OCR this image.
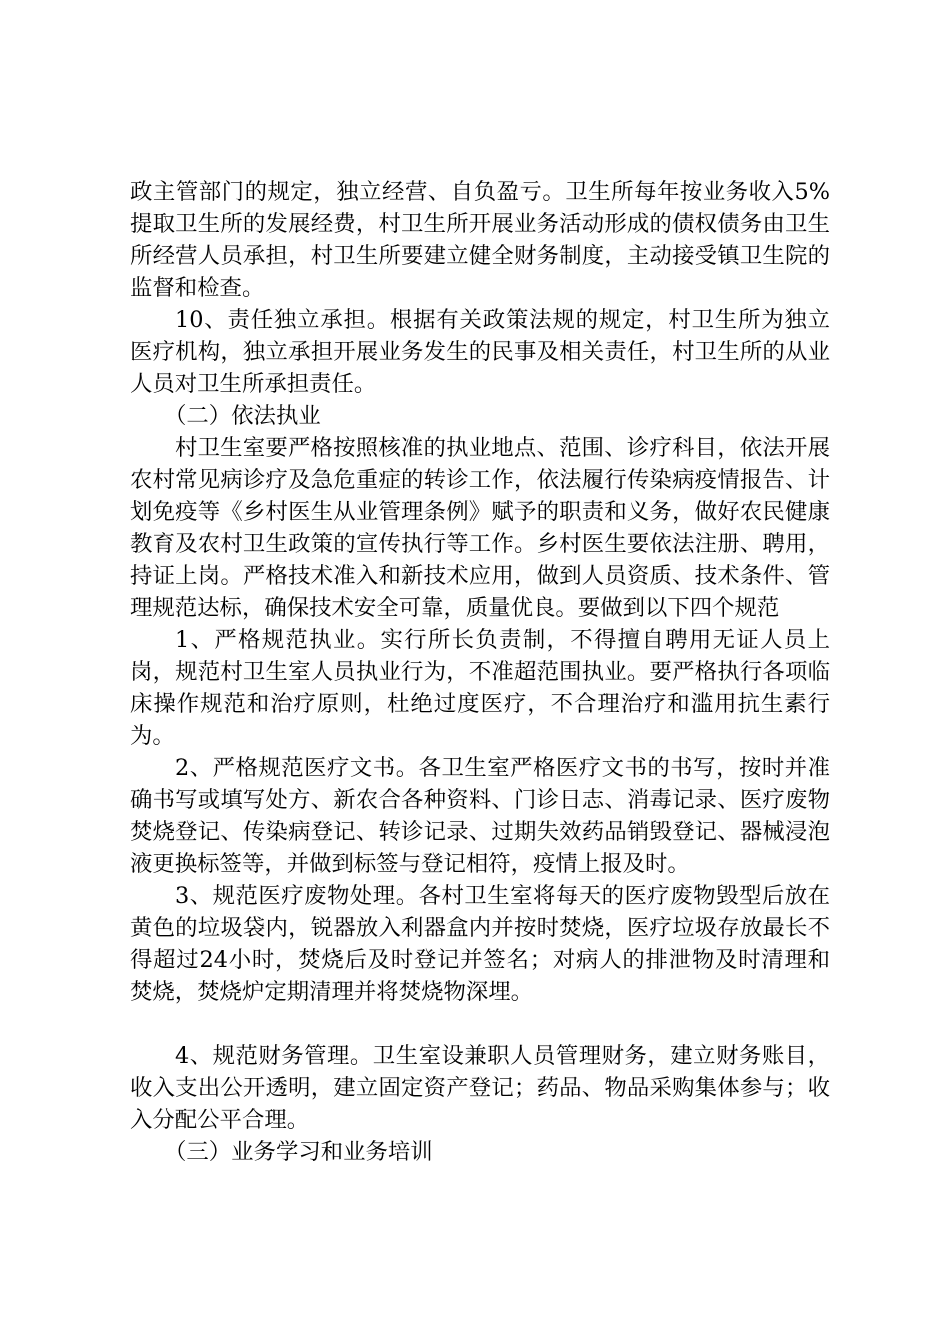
政主管部门的规定，独立经营、自负盈亏。卫生所每年按业务收入5%提取卫生所的发展经费，村卫生所开展业务活动形成的债权债务由卫生所经营人员承担，村卫生所要建立健全财务制度，主动接受镇卫生院的监督和检查。

10、责任独立承担。根据有关政策法规的规定，村卫生所为独立医疗机构，独立承担开展业务发生的民事及相关责任，村卫生所的从业人员对卫生所承担责任。

（二）依法执业

村卫生室要严格按照核准的执业地点、范围、诊疗科目，依法开展农村常见病诊疗及急危重症的转诊工作，依法履行传染病疫情报告、计划免疫等《乡村医生从业管理条例》赋予的职责和义务，做好农民健康教育及农村卫生政策的宣传执行等工作。乡村医生要依法注册、聘用，持证上岗。严格技术准入和新技术应用，做到人员资质、技术条件、管理规范达标，确保技术安全可靠，质量优良。要做到以下四个规范

1、严格规范执业。实行所长负责制，不得擅自聘用无证人员上岗，规范村卫生室人员执业行为，不准超范围执业。要严格执行各项临床操作规范和治疗原则，杜绝过度医疗，不合理治疗和滥用抗生素行为。

2、严格规范医疗文书。各卫生室严格医疗文书的书写，按时并准确书写或填写处方、新农合各种资料、门诊日志、消毒记录、医疗废物焚烧登记、传染病登记、转诊记录、过期失效药品销毁登记、器械浸泡液更换标签等，并做到标签与登记相符，疫情上报及时。

3、规范医疗废物处理。各村卫生室将每天的医疗废物毁型后放在黄色的垃圾袋内，锐器放入利器盒内并按时焚烧，医疗垃圾存放最长不得超过24小时，焚烧后及时登记并签名；对病人的排泄物及时清理和焚烧，焚烧炉定期清理并将焚烧物深埋。

4、规范财务管理。卫生室设兼职人员管理财务，建立财务账目，收入支出公开透明，建立固定资产登记；药品、物品采购集体参与；收入分配公平合理。

（三）业务学习和业务培训
